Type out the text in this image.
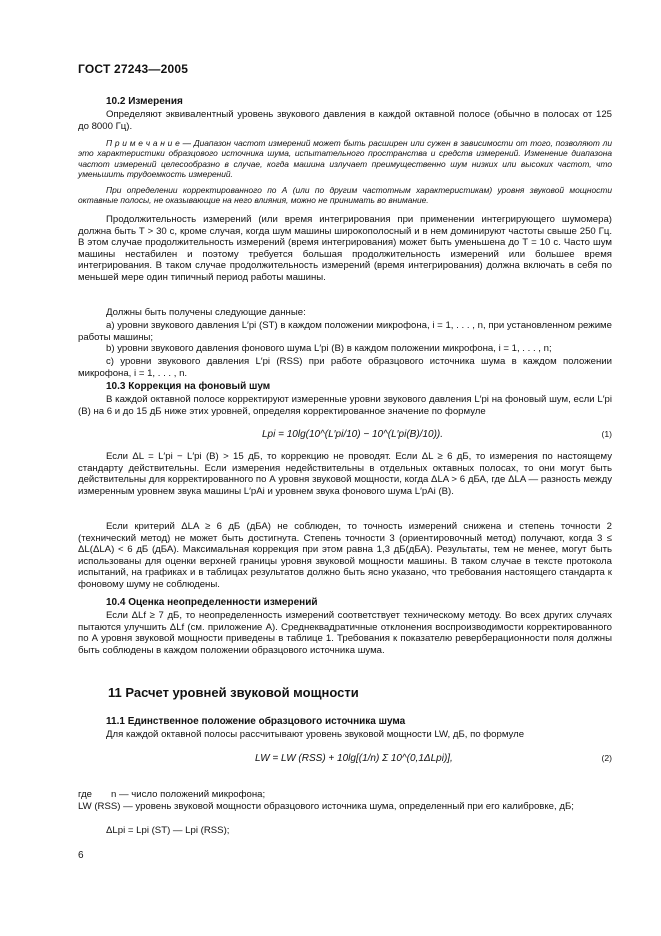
ГОСТ 27243—2005
10.2 Измерения
Определяют эквивалентный уровень звукового давления в каждой октавной полосе (обычно в полосах от 125 до 8000 Гц).
П р и м е ч а н и е — Диапазон частот измерений может быть расширен или сужен в зависимости от того, позволяют ли это характеристики образцового источника шума, испытательного пространства и средств измерений. Изменение диапазона частот измерений целесообразно в случае, когда машина излучает преимущественно шум низких или высоких частот, что уменьшить трудоемкость измерений.
При определении корректированного по А (или по другим частотным характеристикам) уровня звуковой мощности октавные полосы, не оказывающие на него влияния, можно не принимать во внимание.
Продолжительность измерений (или время интегрирования при применении интегрирующего шумомера) должна быть Т > 30 с, кроме случая, когда шум машины широкополосный и в нем доминируют частоты свыше 250 Гц. В этом случае продолжительность измерений (время интегрирования) может быть уменьшена до Т = 10 с. Часто шум машины нестабилен и поэтому требуется большая продолжительность измерений или большее время интегрирования. В таком случае продолжительность измерений (время интегрирования) должна включать в себя по меньшей мере один типичный период работы машины.
Должны быть получены следующие данные:
а) уровни звукового давления L′pi (ST) в каждом положении микрофона, i = 1, . . . , n, при установленном режиме работы машины;
b) уровни звукового давления фонового шума L′pi (B) в каждом положении микрофона, i = 1, . . . , n;
с) уровни звукового давления L′pi (RSS) при работе образцового источника шума в каждом положении микрофона, i = 1, . . . , n.
10.3 Коррекция на фоновый шум
В каждой октавной полосе корректируют измеренные уровни звукового давления L′pi на фоновый шум, если L′pi (B) на 6 и до 15 дБ ниже этих уровней, определяя корректированное значение по формуле
Lpi = 10lg(10^(L′pi/10) − 10^(L′pi(B)/10)).	(1)
Если ΔL = L′pi − L′pi (B) > 15 дБ, то коррекцию не проводят. Если ΔL ≥ 6 дБ, то измерения по настоящему стандарту действительны. Если измерения недействительны в отдельных октавных полосах, то они могут быть действительны для корректированного по А уровня звуковой мощности, когда ΔLA > 6 дБА, где ΔLA — разность между измеренным уровнем звука машины L′pAi и уровнем звука фонового шума L′pAi (B).
Если критерий ΔLA ≥ 6 дБ (дБА) не соблюден, то точность измерений снижена и степень точности 2 (технический метод) не может быть достигнута. Степень точности 3 (ориентировочный метод) получают, когда 3 ≤ ΔL(ΔLA) < 6 дБ (дБА). Максимальная коррекция при этом равна 1,3 дБ(дБА). Результаты, тем не менее, могут быть использованы для оценки верхней границы уровня звуковой мощности машины. В таком случае в тексте протокола испытаний, на графиках и в таблицах результатов должно быть ясно указано, что требования настоящего стандарта к фоновому шуму не соблюдены.
10.4 Оценка неопределенности измерений
Если ΔLf ≥ 7 дБ, то неопределенность измерений соответствует техническому методу. Во всех других случаях пытаются улучшить ΔLf (см. приложение А). Среднеквадратичные отклонения воспроизводимости корректированного по А уровня звуковой мощности приведены в таблице 1. Требования к показателю реверберационности поля должны быть соблюдены в каждом положении образцового источника шума.
11 Расчет уровней звуковой мощности
11.1 Единственное положение образцового источника шума
Для каждой октавной полосы рассчитывают уровень звуковой мощности LW, дБ, по формуле
LW = LW (RSS) + 10lg[(1/n) Σ 10^(0,1ΔLpi)],	(2)
где	n — число положений микрофона;
LW (RSS) — уровень звуковой мощности образцового источника шума, определенный при его калибровке, дБ;
ΔLpi = Lpi (ST) — Lpi (RSS);
6
